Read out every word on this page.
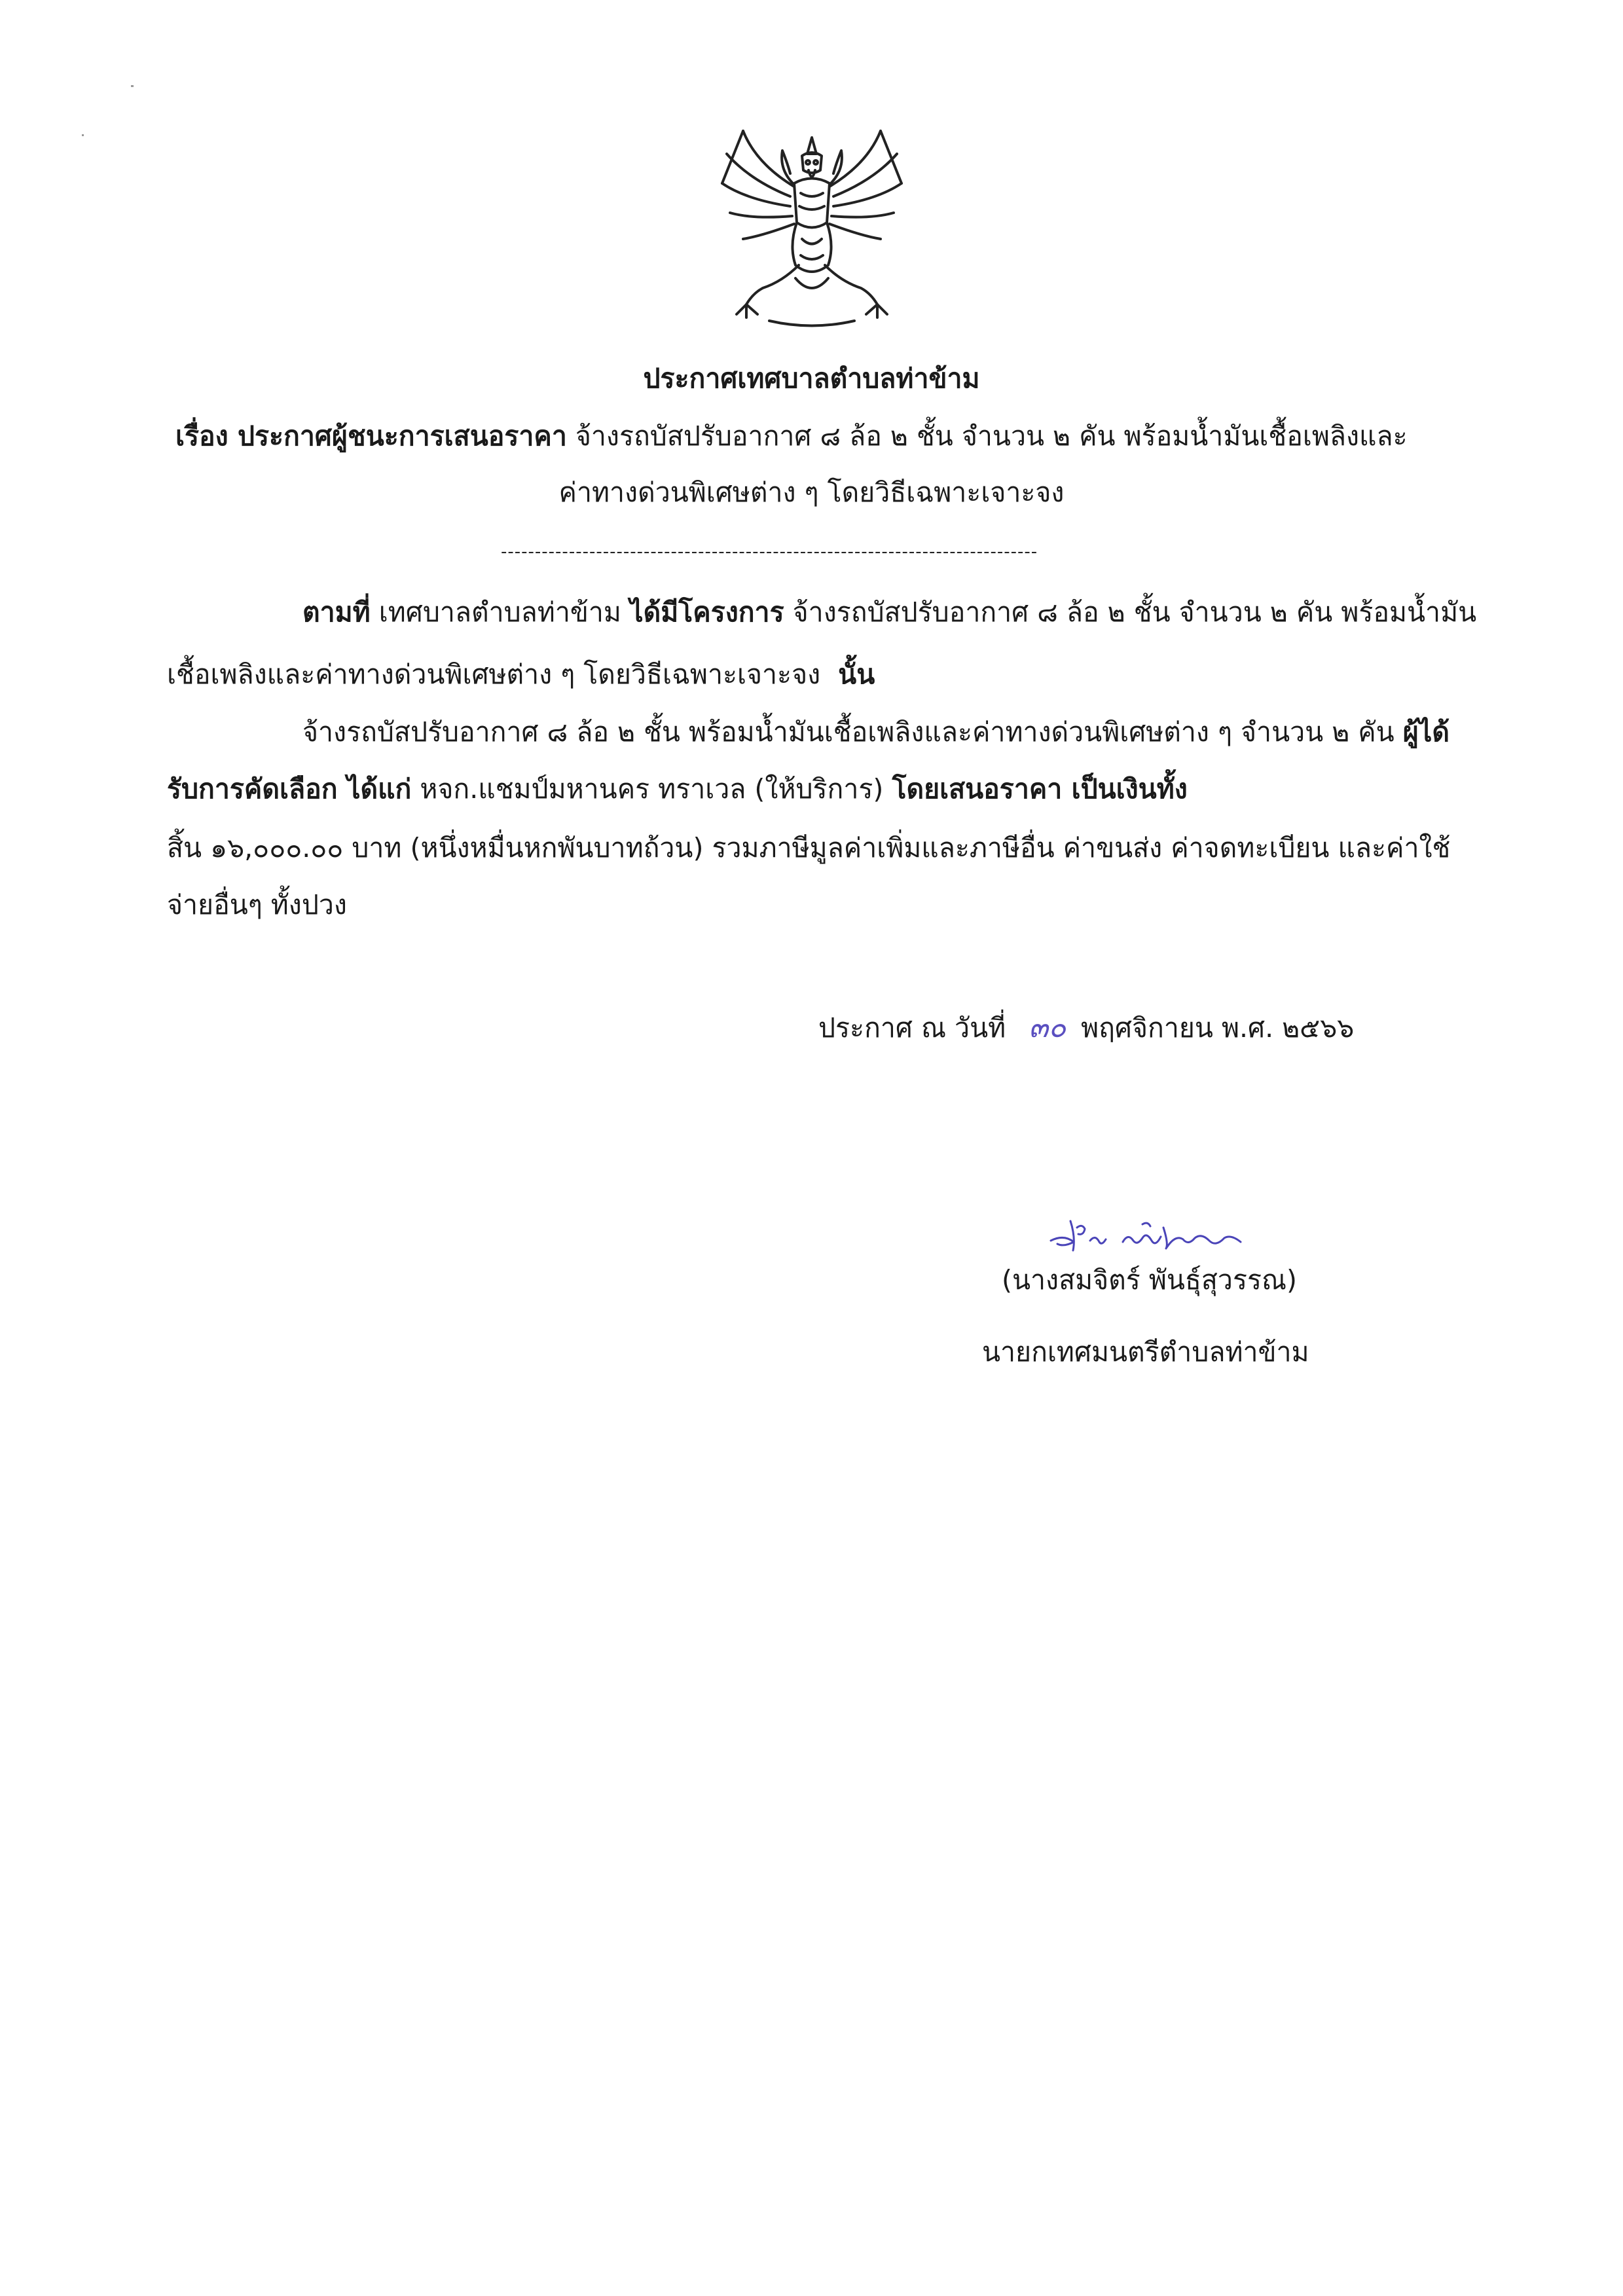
ประกาศเทศบาลตำบลท่าข้าม
เรื่อง ประกาศผู้ชนะการเสนอราคา จ้างรถบัสปรับอากาศ ๘ ล้อ ๒ ชั้น จำนวน ๒ คัน พร้อมน้ำมันเชื้อเพลิงและ
ค่าทางด่วนพิเศษต่าง ๆ โดยวิธีเฉพาะเจาะจง
-------------------------------------------------------------------------------
ตามที่ เทศบาลตำบลท่าข้าม ได้มีโครงการ จ้างรถบัสปรับอากาศ ๘ ล้อ ๒ ชั้น จำนวน ๒ คัน พร้อมน้ำมัน
เชื้อเพลิงและค่าทางด่วนพิเศษต่าง ๆ โดยวิธีเฉพาะเจาะจง นั้น
จ้างรถบัสปรับอากาศ ๘ ล้อ ๒ ชั้น พร้อมน้ำมันเชื้อเพลิงและค่าทางด่วนพิเศษต่าง ๆ จำนวน ๒ คัน ผู้ได้
รับการคัดเลือก ได้แก่ หจก.แชมป์มหานคร ทราเวล (ให้บริการ) โดยเสนอราคา เป็นเงินทั้ง
สิ้น ๑๖,๐๐๐.๐๐ บาท (หนึ่งหมื่นหกพันบาทถ้วน) รวมภาษีมูลค่าเพิ่มและภาษีอื่น ค่าขนส่ง ค่าจดทะเบียน และค่าใช้
จ่ายอื่นๆ ทั้งปวง
ประกาศ ณ วันที่ ๓๐ พฤศจิกายน พ.ศ. ๒๕๖๖
(นางสมจิตร์ พันธุ์สุวรรณ)
นายกเทศมนตรีตำบลท่าข้าม
